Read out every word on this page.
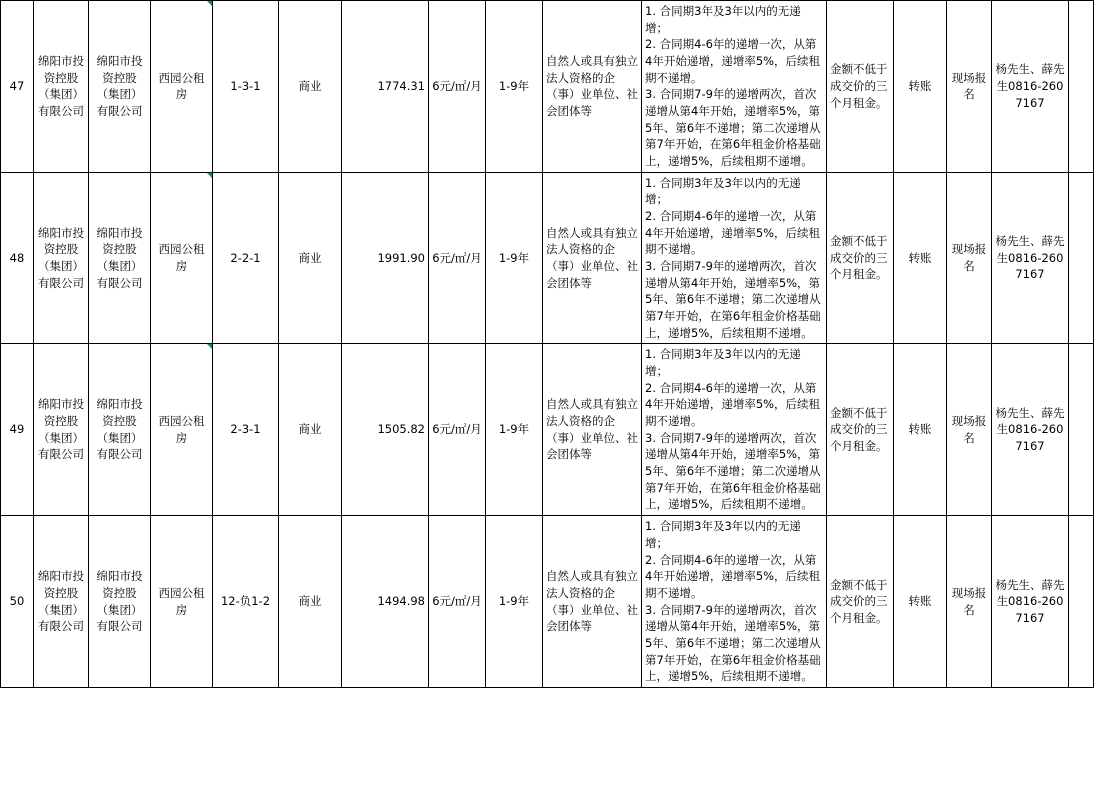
47	绵阳市投资控股（集团）有限公司	绵阳市投资控股（集团）有限公司	西园公租房	1-3-1	商业	1774.31	6元/㎡/月	1-9年	自然人或具有独立法人资格的企（事）业单位、社会团体等	1. 合同期3年及3年以内的无递增；
2. 合同期4-6年的递增一次，从第4年开始递增，递增率5%，后续租期不递增。
3. 合同期7-9年的递增两次，首次递增从第4年开始，递增率5%，第5年、第6年不递增；第二次递增从第7年开始，在第6年租金价格基础上，递增5%，后续租期不递增。	金额不低于成交价的三个月租金。	转账	现场报名	杨先生、薛先生0816-2607167	
48	绵阳市投资控股（集团）有限公司	绵阳市投资控股（集团）有限公司	西园公租房	2-2-1	商业	1991.90	6元/㎡/月	1-9年	自然人或具有独立法人资格的企（事）业单位、社会团体等	1. 合同期3年及3年以内的无递增；
2. 合同期4-6年的递增一次，从第4年开始递增，递增率5%，后续租期不递增。
3. 合同期7-9年的递增两次，首次递增从第4年开始，递增率5%，第5年、第6年不递增；第二次递增从第7年开始，在第6年租金价格基础上，递增5%，后续租期不递增。	金额不低于成交价的三个月租金。	转账	现场报名	杨先生、薛先生0816-2607167	
49	绵阳市投资控股（集团）有限公司	绵阳市投资控股（集团）有限公司	西园公租房	2-3-1	商业	1505.82	6元/㎡/月	1-9年	自然人或具有独立法人资格的企（事）业单位、社会团体等	1. 合同期3年及3年以内的无递增；
2. 合同期4-6年的递增一次，从第4年开始递增，递增率5%，后续租期不递增。
3. 合同期7-9年的递增两次，首次递增从第4年开始，递增率5%，第5年、第6年不递增；第二次递增从第7年开始，在第6年租金价格基础上，递增5%，后续租期不递增。	金额不低于成交价的三个月租金。	转账	现场报名	杨先生、薛先生0816-2607167	
50	绵阳市投资控股（集团）有限公司	绵阳市投资控股（集团）有限公司	西园公租房	12-负1-2	商业	1494.98	6元/㎡/月	1-9年	自然人或具有独立法人资格的企（事）业单位、社会团体等	1. 合同期3年及3年以内的无递增；
2. 合同期4-6年的递增一次，从第4年开始递增，递增率5%，后续租期不递增。
3. 合同期7-9年的递增两次，首次递增从第4年开始，递增率5%，第5年、第6年不递增；第二次递增从第7年开始，在第6年租金价格基础上，递增5%，后续租期不递增。	金额不低于成交价的三个月租金。	转账	现场报名	杨先生、薛先生0816-2607167	
